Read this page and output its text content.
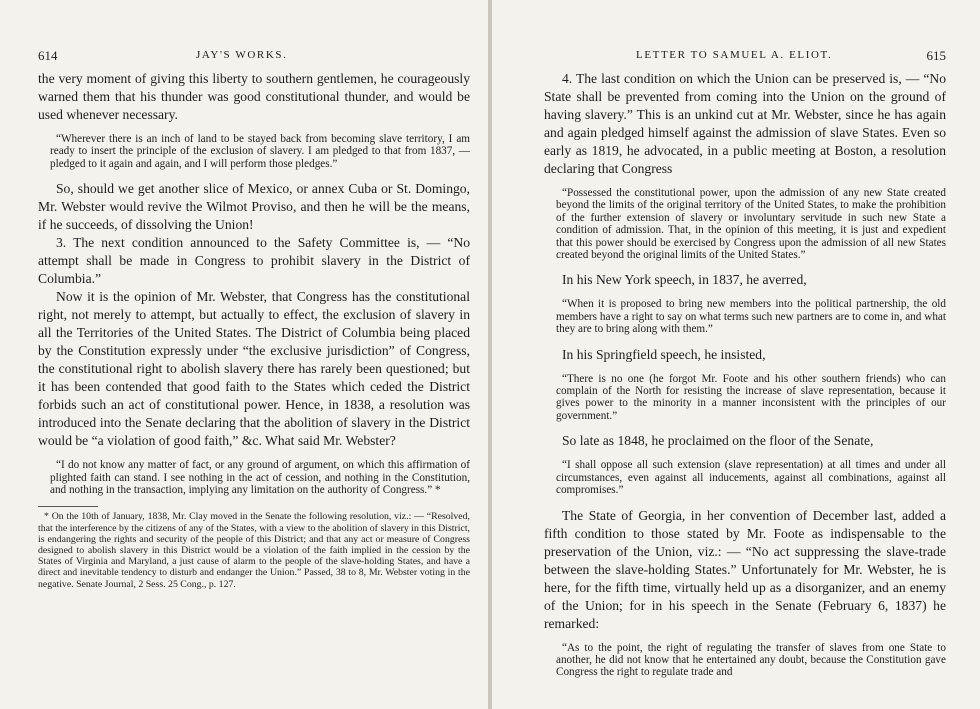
614	JAY'S WORKS.

the very moment of giving this liberty to southern gentlemen, he courageously warned them that his thunder was good constitutional thunder, and would be used whenever necessary.

“Wherever there is an inch of land to be stayed back from becoming slave territory, I am ready to insert the principle of the exclusion of slavery. I am pledged to that from 1837, — pledged to it again and again, and I will perform those pledges.”

So, should we get another slice of Mexico, or annex Cuba or St. Domingo, Mr. Webster would revive the Wilmot Proviso, and then he will be the means, if he succeeds, of dissolving the Union!

3. The next condition announced to the Safety Committee is, — “No attempt shall be made in Congress to prohibit slavery in the District of Columbia.”

Now it is the opinion of Mr. Webster, that Congress has the constitutional right, not merely to attempt, but actually to effect, the exclusion of slavery in all the Territories of the United States. The District of Columbia being placed by the Constitution expressly under “the exclusive jurisdiction” of Congress, the constitutional right to abolish slavery there has rarely been questioned; but it has been contended that good faith to the States which ceded the District forbids such an act of constitutional power. Hence, in 1838, a resolution was introduced into the Senate declaring that the abolition of slavery in the District would be “a violation of good faith,” &c. What said Mr. Webster?

“I do not know any matter of fact, or any ground of argument, on which this affirmation of plighted faith can stand. I see nothing in the act of cession, and nothing in the Constitution, and nothing in the transaction, implying any limitation on the authority of Congress.” *

* On the 10th of January, 1838, Mr. Clay moved in the Senate the following resolution, viz.: — “Resolved, that the interference by the citizens of any of the States, with a view to the abolition of slavery in this District, is endangering the rights and security of the people of this District; and that any act or measure of Congress designed to abolish slavery in this District would be a violation of the faith implied in the cession by the States of Virginia and Maryland, a just cause of alarm to the people of the slave-holding States, and have a direct and inevitable tendency to disturb and endanger the Union.” Passed, 38 to 8, Mr. Webster voting in the negative. Senate Journal, 2 Sess. 25 Cong., p. 127.

LETTER TO SAMUEL A. ELIOT.	615

4. The last condition on which the Union can be preserved is, — “No State shall be prevented from coming into the Union on the ground of having slavery.” This is an unkind cut at Mr. Webster, since he has again and again pledged himself against the admission of slave States. Even so early as 1819, he advocated, in a public meeting at Boston, a resolution declaring that Congress

“Possessed the constitutional power, upon the admission of any new State created beyond the limits of the original territory of the United States, to make the prohibition of the further extension of slavery or involuntary servitude in such new State a condition of admission. That, in the opinion of this meeting, it is just and expedient that this power should be exercised by Congress upon the admission of all new States created beyond the original limits of the United States.”

In his New York speech, in 1837, he averred,

“When it is proposed to bring new members into the political partnership, the old members have a right to say on what terms such new partners are to come in, and what they are to bring along with them.”

In his Springfield speech, he insisted,

“There is no one (he forgot Mr. Foote and his other southern friends) who can complain of the North for resisting the increase of slave representation, because it gives power to the minority in a manner inconsistent with the principles of our government.”

So late as 1848, he proclaimed on the floor of the Senate,

“I shall oppose all such extension (slave representation) at all times and under all circumstances, even against all inducements, against all combinations, against all compromises.”

The State of Georgia, in her convention of December last, added a fifth condition to those stated by Mr. Foote as indispensable to the preservation of the Union, viz.: — “No act suppressing the slave-trade between the slave-holding States.” Unfortunately for Mr. Webster, he is here, for the fifth time, virtually held up as a disorganizer, and an enemy of the Union; for in his speech in the Senate (February 6, 1837) he remarked:

“As to the point, the right of regulating the transfer of slaves from one State to another, he did not know that he entertained any doubt, because the Constitution gave Congress the right to regulate trade and
